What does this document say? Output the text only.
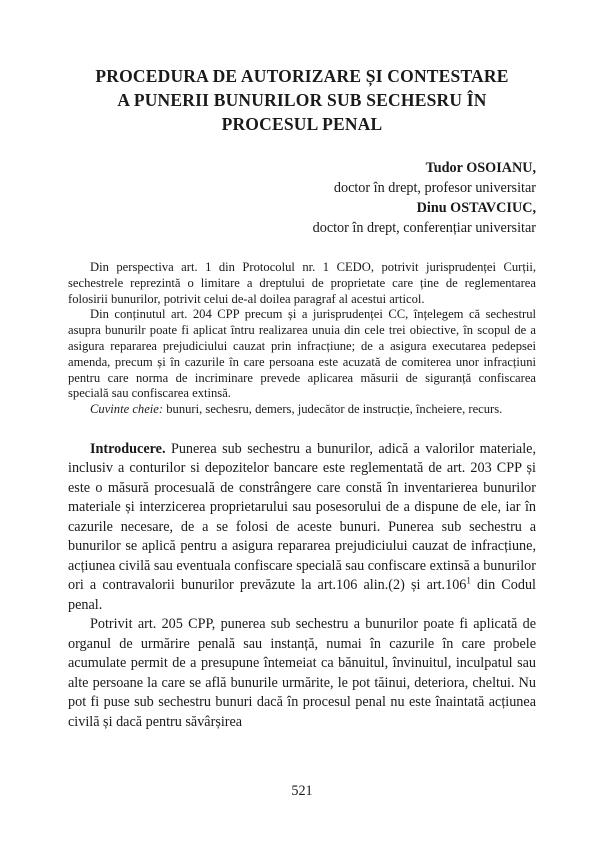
PROCEDURA DE AUTORIZARE ȘI CONTESTARE
A PUNERII BUNURILOR SUB SECHESRU ÎN
PROCESUL PENAL
Tudor OSOIANU,
doctor în drept, profesor universitar
Dinu OSTAVCIUC,
doctor în drept, conferențiar universitar

Din perspectiva art. 1 din Protocolul nr. 1 CEDO, potrivit jurisprudenței Curții, sechestrele reprezintă o limitare a dreptului de proprietate care ține de reglementarea folosirii bunurilor, potrivit celui de-al doilea paragraf al acestui articol.

Din conținutul art. 204 CPP precum și a jurisprudenței CC, înțelegem că sechestrul asupra bunurilr poate fi aplicat întru realizarea unuia din cele trei obiective, în scopul de a asigura repararea prejudiciului cauzat prin infracțiune; de a asigura executarea pedepsei amenda, precum și în cazurile în care persoana este acuzată de comiterea unor infracțiuni pentru care norma de incriminare prevede aplicarea măsurii de siguranță confiscarea specială sau confiscarea extinsă.

Cuvinte cheie: bunuri, sechesru, demers, judecător de instrucție, încheiere, recurs.

Introducere. Punerea sub sechestru a bunurilor, adică a valorilor materiale, inclusiv a conturilor si depozitelor bancare este reglementată de art. 203 CPP și este o măsură procesuală de constrângere care constă în inventarierea bunurilor materiale și interzicerea proprietarului sau posesorului de a dispune de ele, iar în cazurile necesare, de a se folosi de aceste bunuri. Punerea sub sechestru a bunurilor se aplică pentru a asigura repararea prejudiciului cauzat de infracțiune, acțiunea civilă sau eventuala confiscare specială sau confiscare extinsă a bunurilor ori a contravalorii bunurilor prevăzute la art.106 alin.(2) și art.106$^1$ din Codul penal.

Potrivit art. 205 CPP, punerea sub sechestru a bunurilor poate fi aplicată de organul de urmărire penală sau instanță, numai în cazurile în care probele acumulate permit de a presupune întemeiat ca bănuitul, învinuitul, inculpatul sau alte persoane la care se află bunurile urmărite, le pot tăinui, deteriora, cheltui. Nu pot fi puse sub sechestru bunuri dacă în procesul penal nu este înaintată acțiunea civilă și dacă pentru săvârșirea

521
